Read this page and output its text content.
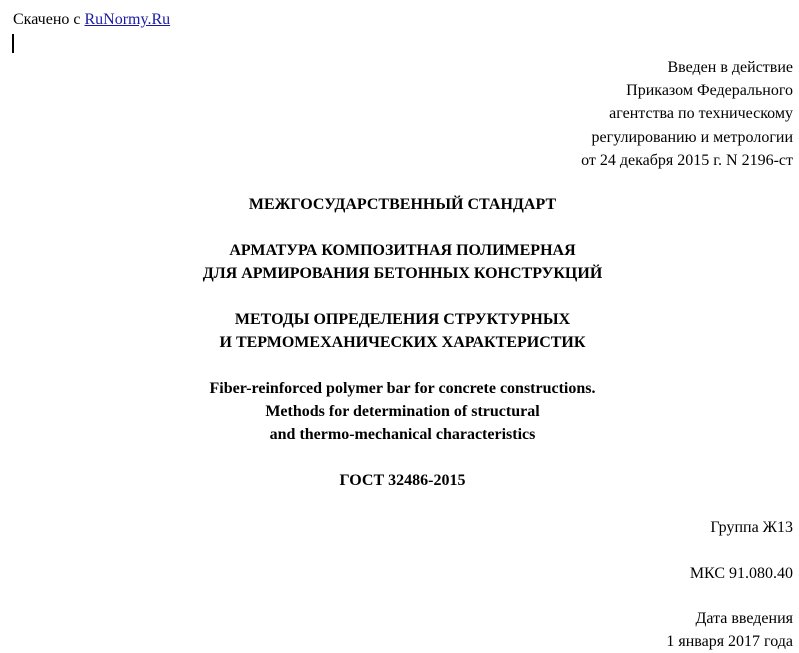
Скачено с RuNormy.Ru
Введен в действие
Приказом Федерального
агентства по техническому
регулированию и метрологии
от 24 декабря 2015 г. N 2196-ст
МЕЖГОСУДАРСТВЕННЫЙ СТАНДАРТ
АРМАТУРА КОМПОЗИТНАЯ ПОЛИМЕРНАЯ
ДЛЯ АРМИРОВАНИЯ БЕТОННЫХ КОНСТРУКЦИЙ
МЕТОДЫ ОПРЕДЕЛЕНИЯ СТРУКТУРНЫХ
И ТЕРМОМЕХАНИЧЕСКИХ ХАРАКТЕРИСТИК
Fiber-reinforced polymer bar for concrete constructions.
Methods for determination of structural
and thermo-mechanical characteristics
ГОСТ 32486-2015
Группа Ж13
МКС 91.080.40
Дата введения
1 января 2017 года
